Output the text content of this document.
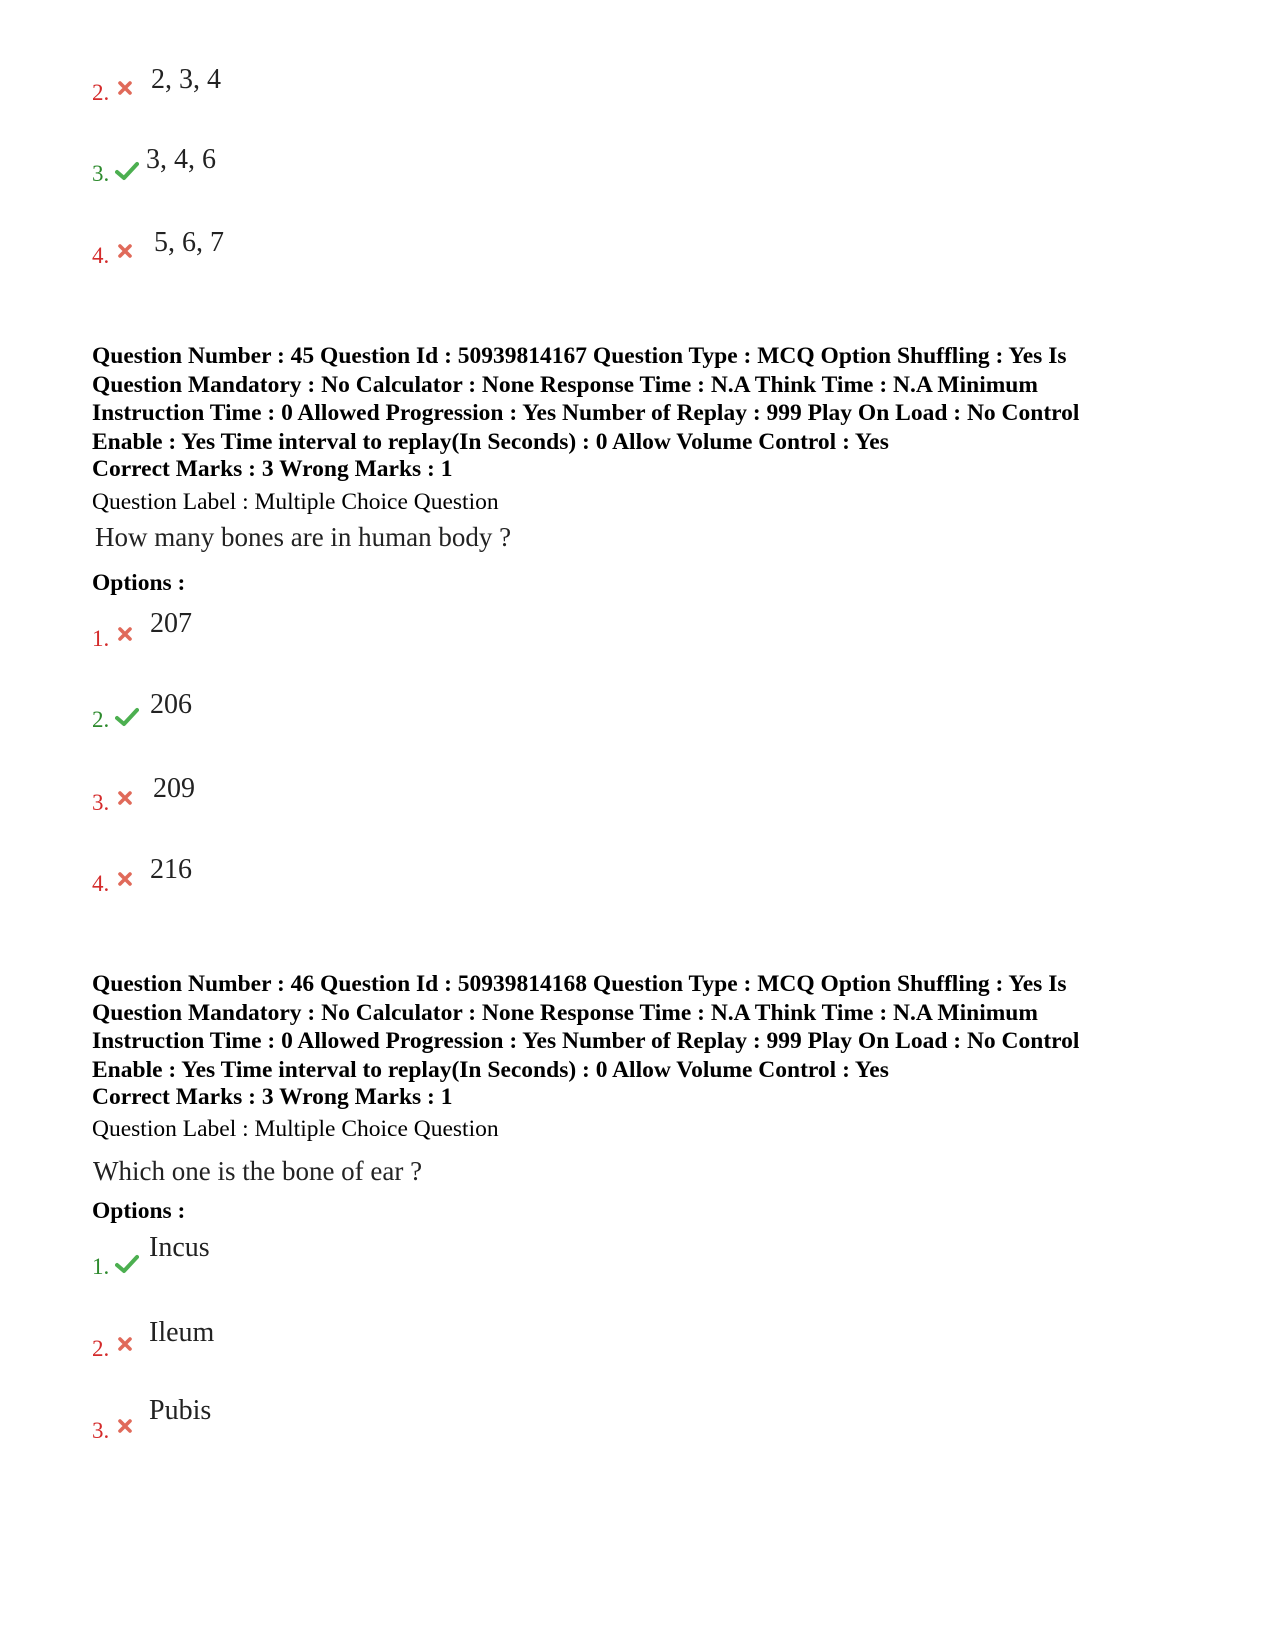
2. 2, 3, 4
3. 3, 4, 6
4. 5, 6, 7
Question Number : 45 Question Id : 50939814167 Question Type : MCQ Option Shuffling : Yes Is
Question Mandatory : No Calculator : None Response Time : N.A Think Time : N.A Minimum
Instruction Time : 0 Allowed Progression : Yes Number of Replay : 999 Play On Load : No Control
Enable : Yes Time interval to replay(In Seconds) : 0 Allow Volume Control : Yes
Correct Marks : 3 Wrong Marks : 1
Question Label : Multiple Choice Question
How many bones are in human body ?
Options :
1. 207
2. 206
3. 209
4. 216
Question Number : 46 Question Id : 50939814168 Question Type : MCQ Option Shuffling : Yes Is
Question Mandatory : No Calculator : None Response Time : N.A Think Time : N.A Minimum
Instruction Time : 0 Allowed Progression : Yes Number of Replay : 999 Play On Load : No Control
Enable : Yes Time interval to replay(In Seconds) : 0 Allow Volume Control : Yes
Correct Marks : 3 Wrong Marks : 1
Question Label : Multiple Choice Question
Which one is the bone of ear ?
Options :
1.
Incus
2.
Ileum
3.
Pubis
